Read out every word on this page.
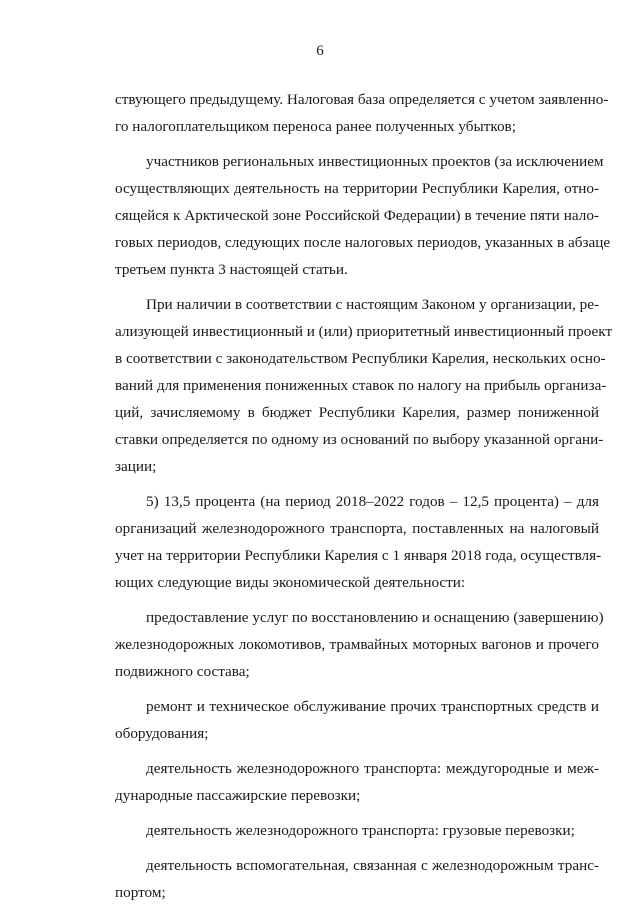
6
ствующего предыдущему. Налоговая база определяется с учетом заявленно-
го налогоплательщиком переноса ранее полученных убытков;
участников региональных инвестиционных проектов (за исключением
осуществляющих деятельность на территории Республики Карелия, отно-
сящейся к Арктической зоне Российской Федерации) в течение пяти нало-
говых периодов, следующих после налоговых периодов, указанных в абзаце
третьем пункта 3 настоящей статьи.
При наличии в соответствии с настоящим Законом у организации, ре-
ализующей инвестиционный и (или) приоритетный инвестиционный проект
в соответствии с законодательством Республики Карелия, нескольких осно-
ваний для применения пониженных ставок по налогу на прибыль организа-
ций, зачисляемому в бюджет Республики Карелия, размер пониженной
ставки определяется по одному из оснований по выбору указанной органи-
зации;
5) 13,5 процента (на период 2018–2022 годов – 12,5 процента) – для
организаций железнодорожного транспорта, поставленных на налоговый
учет на территории Республики Карелия с 1 января 2018 года, осуществля-
ющих следующие виды экономической деятельности:
предоставление услуг по восстановлению и оснащению (завершению)
железнодорожных локомотивов, трамвайных моторных вагонов и прочего
подвижного состава;
ремонт и техническое обслуживание прочих транспортных средств и
оборудования;
деятельность железнодорожного транспорта: междугородные и меж-
дународные пассажирские перевозки;
деятельность железнодорожного транспорта: грузовые перевозки;
деятельность вспомогательная, связанная с железнодорожным транс-
портом;
